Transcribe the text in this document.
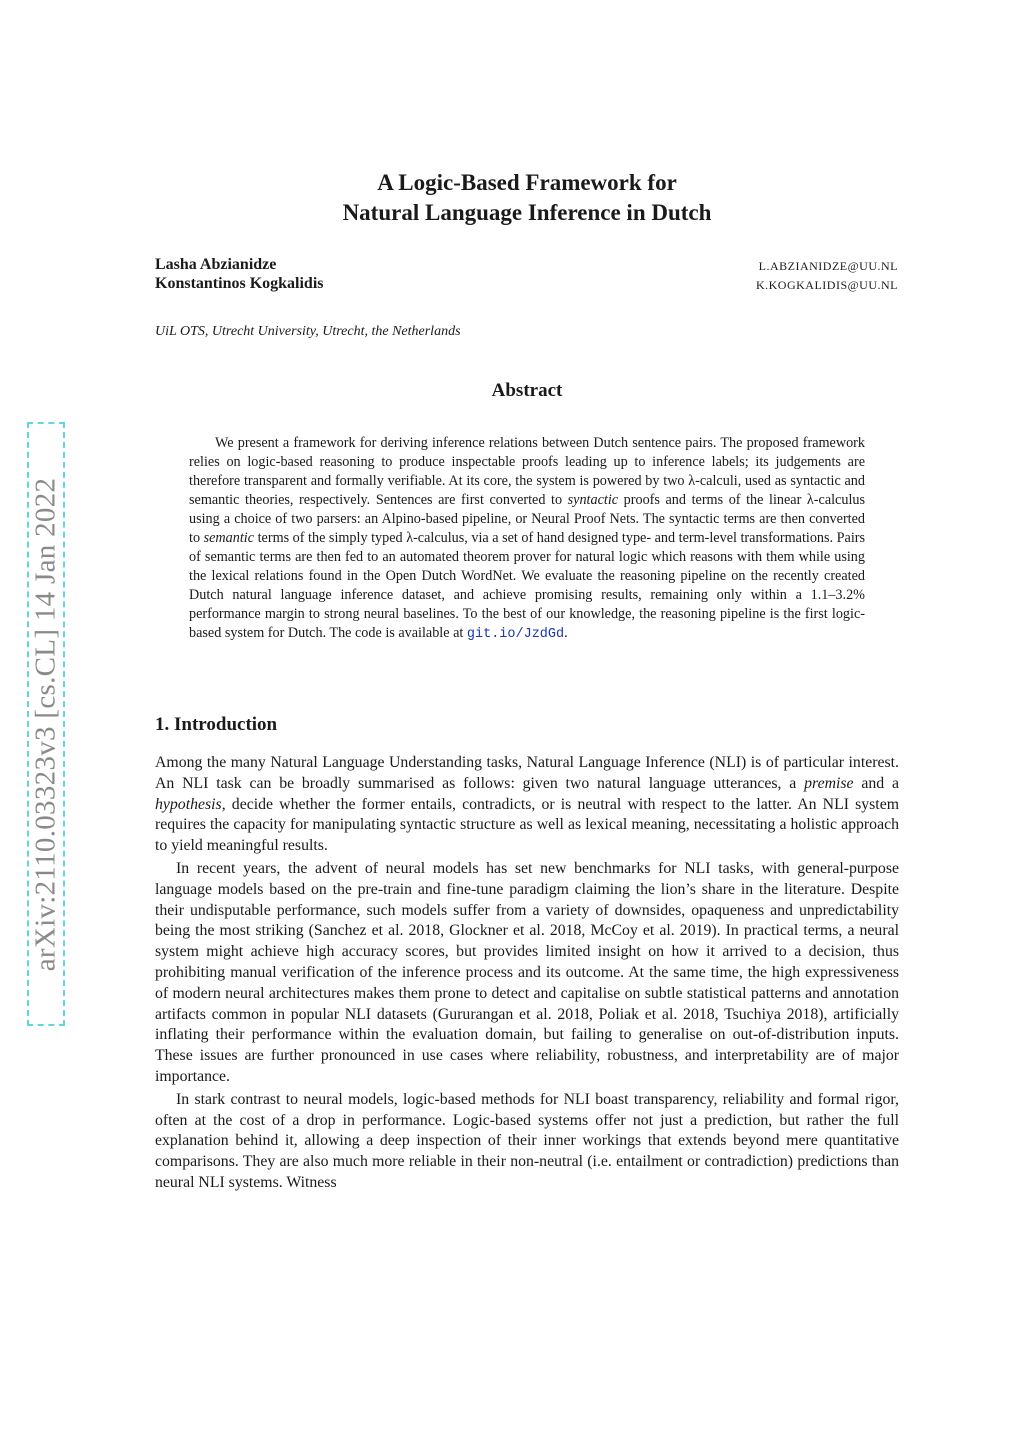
arXiv:2110.03323v3 [cs.CL] 14 Jan 2022
A Logic-Based Framework for
Natural Language Inference in Dutch
Lasha Abzianidze	L.ABZIANIDZE@UU.NL
Konstantinos Kogkalidis	K.KOGKALIDIS@UU.NL
UiL OTS, Utrecht University, Utrecht, the Netherlands
Abstract

We present a framework for deriving inference relations between Dutch sentence pairs. The proposed framework relies on logic-based reasoning to produce inspectable proofs leading up to inference labels; its judgements are therefore transparent and formally verifiable. At its core, the system is powered by two λ-calculi, used as syntactic and semantic theories, respectively. Sentences are first converted to syntactic proofs and terms of the linear λ-calculus using a choice of two parsers: an Alpino-based pipeline, or Neural Proof Nets. The syntactic terms are then converted to semantic terms of the simply typed λ-calculus, via a set of hand designed type- and term-level transformations. Pairs of semantic terms are then fed to an automated theorem prover for natural logic which reasons with them while using the lexical relations found in the Open Dutch WordNet. We evaluate the reasoning pipeline on the recently created Dutch natural language inference dataset, and achieve promising results, remaining only within a 1.1–3.2% performance margin to strong neural baselines. To the best of our knowledge, the reasoning pipeline is the first logic-based system for Dutch. The code is available at git.io/JzdGd.

1. Introduction

Among the many Natural Language Understanding tasks, Natural Language Inference (NLI) is of particular interest. An NLI task can be broadly summarised as follows: given two natural language utterances, a premise and a hypothesis, decide whether the former entails, contradicts, or is neutral with respect to the latter. An NLI system requires the capacity for manipulating syntactic structure as well as lexical meaning, necessitating a holistic approach to yield meaningful results.

In recent years, the advent of neural models has set new benchmarks for NLI tasks, with general-purpose language models based on the pre-train and fine-tune paradigm claiming the lion’s share in the literature. Despite their undisputable performance, such models suffer from a variety of downsides, opaqueness and unpredictability being the most striking (Sanchez et al. 2018, Glockner et al. 2018, McCoy et al. 2019). In practical terms, a neural system might achieve high accuracy scores, but provides limited insight on how it arrived to a decision, thus prohibiting manual verification of the inference process and its outcome. At the same time, the high expressiveness of modern neural architectures makes them prone to detect and capitalise on subtle statistical patterns and annotation artifacts common in popular NLI datasets (Gururangan et al. 2018, Poliak et al. 2018, Tsuchiya 2018), artificially inflating their performance within the evaluation domain, but failing to generalise on out-of-distribution inputs. These issues are further pronounced in use cases where reliability, robustness, and interpretability are of major importance.

In stark contrast to neural models, logic-based methods for NLI boast transparency, reliability and formal rigor, often at the cost of a drop in performance. Logic-based systems offer not just a prediction, but rather the full explanation behind it, allowing a deep inspection of their inner workings that extends beyond mere quantitative comparisons. They are also much more reliable in their non-neutral (i.e. entailment or contradiction) predictions than neural NLI systems. Witness
